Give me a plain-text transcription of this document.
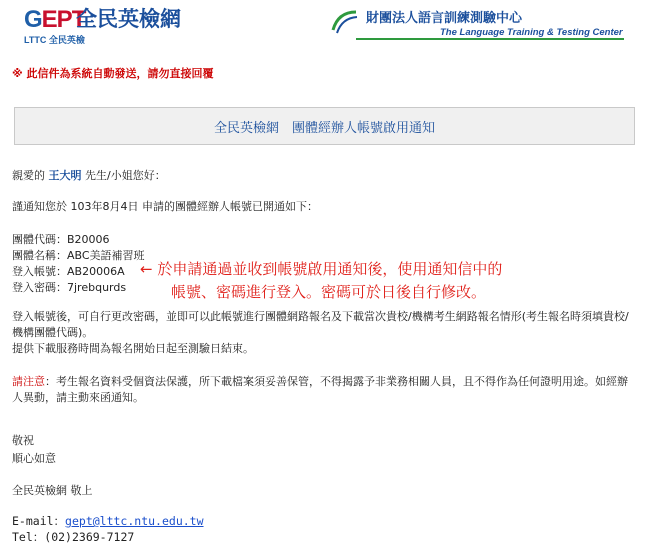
GEPT
LTTC 全民英檢
全民英檢網	財團法人語言訓練測驗中心
The Language Training & Testing Center
※ 此信件為系統自動發送，請勿直接回覆
全民英檢網　團體經辦人帳號啟用通知
親愛的 王大明 先生/小姐您好：
謹通知您於 103年8月4日 申請的團體經辦人帳號已開通如下：
團體代碼：B20006
團體名稱：ABC美語補習班
登入帳號：AB20006A
登入密碼：7jrebqurds
登入帳號後，可自行更改密碼，並即可以此帳號進行團體網路報名及下載當次貴校/機構考生網路報名情形(考生報名時須填貴校/機構團體代碼)。
提供下載服務時間為報名開始日起至測驗日結束。
請注意：考生報名資料受個資法保護，所下載檔案須妥善保管，不得揭露予非業務相關人員，且不得作為任何證明用途。如經辦人異動，請主動來函通知。
敬祝
順心如意
全民英檢網 敬上
E-mail：gept@lttc.ntu.edu.tw
Tel：(02)2369-7127
← 於申請通過並收到帳號啟用通知後，使用通知信中的
帳號、密碼進行登入。密碼可於日後自行修改。
